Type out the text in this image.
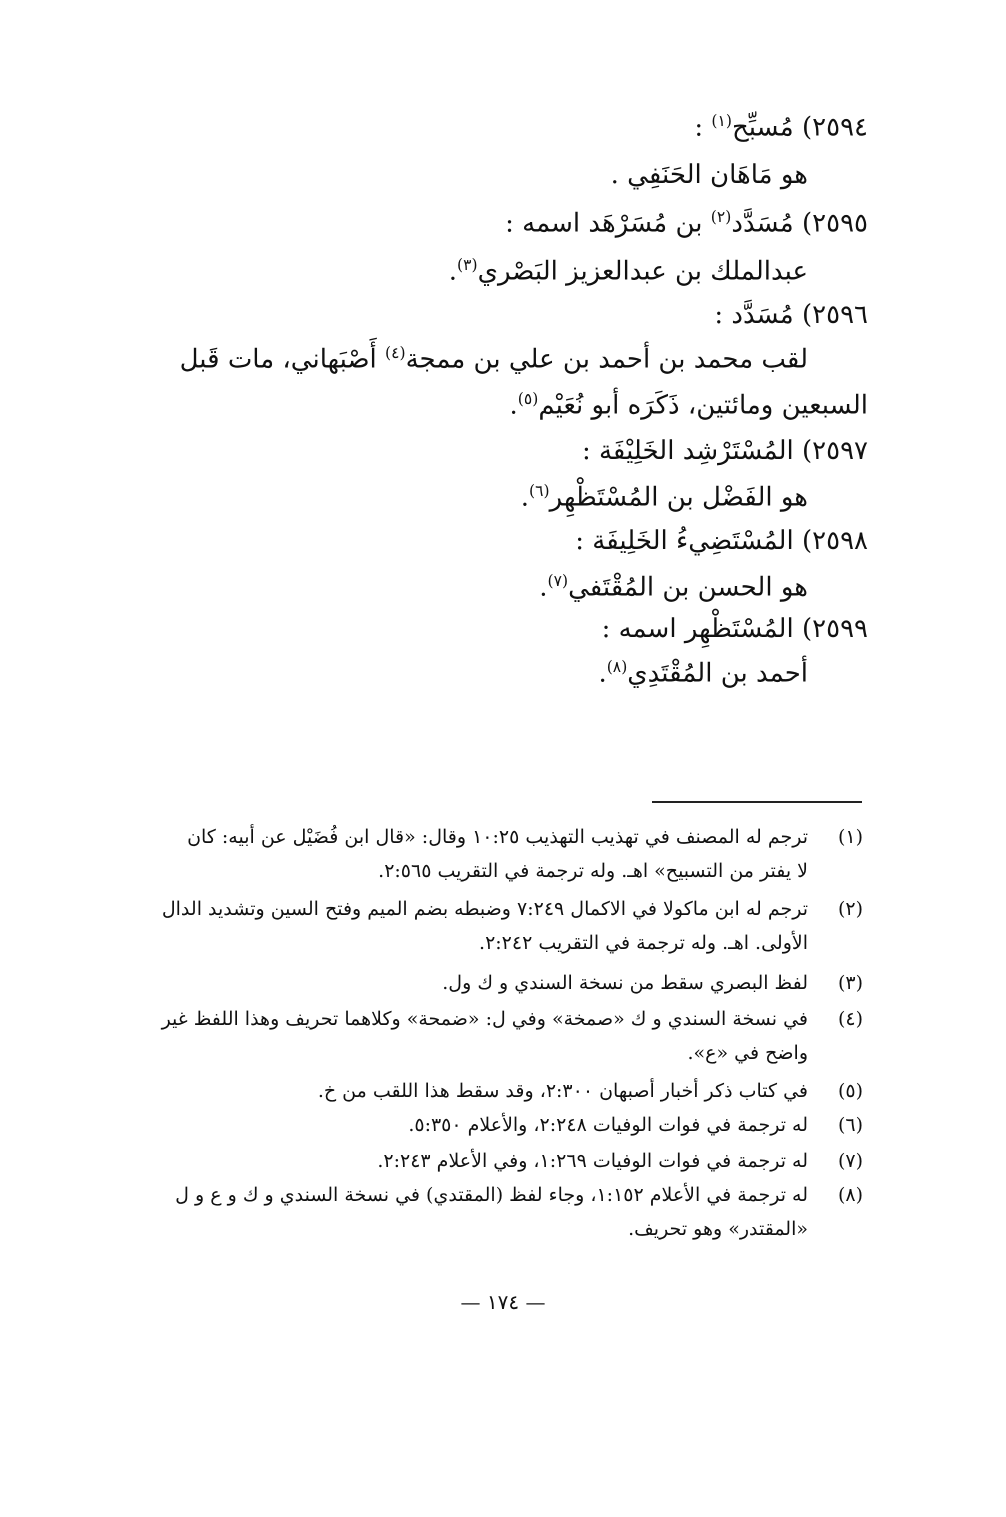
٢٥٩٤) مُسبِّح$^{(١)}$ :
هو مَاهَان الحَنَفِي .
٢٥٩٥) مُسَدَّد$^{(٢)}$ بن مُسَرْهَد اسمه :
عبدالملك بن عبدالعزيز البَصْري$^{(٣)}$.
٢٥٩٦) مُسَدَّد :
لقب محمد بن أحمد بن علي بن ممجة$^{(٤)}$ أَصْبَهاني، مات قَبل
السبعين ومائتين، ذَكَرَه أبو نُعَيْم$^{(٥)}$.
٢٥٩٧) المُسْتَرْشِد الخَلِيْفَة :
هو الفَضْل بن المُسْتَظْهِر$^{(٦)}$.
٢٥٩٨) المُسْتَضِيءُ الخَلِيفَة :
هو الحسن بن المُقْتَفي$^{(٧)}$.
٢٥٩٩) المُسْتَظْهِر اسمه :
أحمد بن المُقْتَدِي$^{(٨)}$.
(١)
ترجم له المصنف في تهذيب التهذيب ١٠:٢٥ وقال: «قال ابن فُضَيْل عن أبيه: كان
لا يفتر من التسبيح» اهـ. وله ترجمة في التقريب ٢:٥٦٥.
(٢)
ترجم له ابن ماكولا في الاكمال ٧:٢٤٩ وضبطه بضم الميم وفتح السين وتشديد الدال
الأولى. اهـ. وله ترجمة في التقريب ٢:٢٤٢.
(٣)
لفظ البصري سقط من نسخة السندي و ك ول.
(٤)
في نسخة السندي و ك «صمخة» وفي ل: «ضمحة» وكلاهما تحريف وهذا اللفظ غير
واضح في «ع».
(٥)
في كتاب ذكر أخبار أصبهان ٢:٣٠٠، وقد سقط هذا اللقب من خ.
(٦)
له ترجمة في فوات الوفيات ٢:٢٤٨، والأعلام ٥:٣٥٠.
(٧)
له ترجمة في فوات الوفيات ١:٢٦٩، وفي الأعلام ٢:٢٤٣.
(٨)
له ترجمة في الأعلام ١:١٥٢، وجاء لفظ (المقتدي) في نسخة السندي و ك و ع و ل
«المقتدر» وهو تحريف.
— ١٧٤ —
